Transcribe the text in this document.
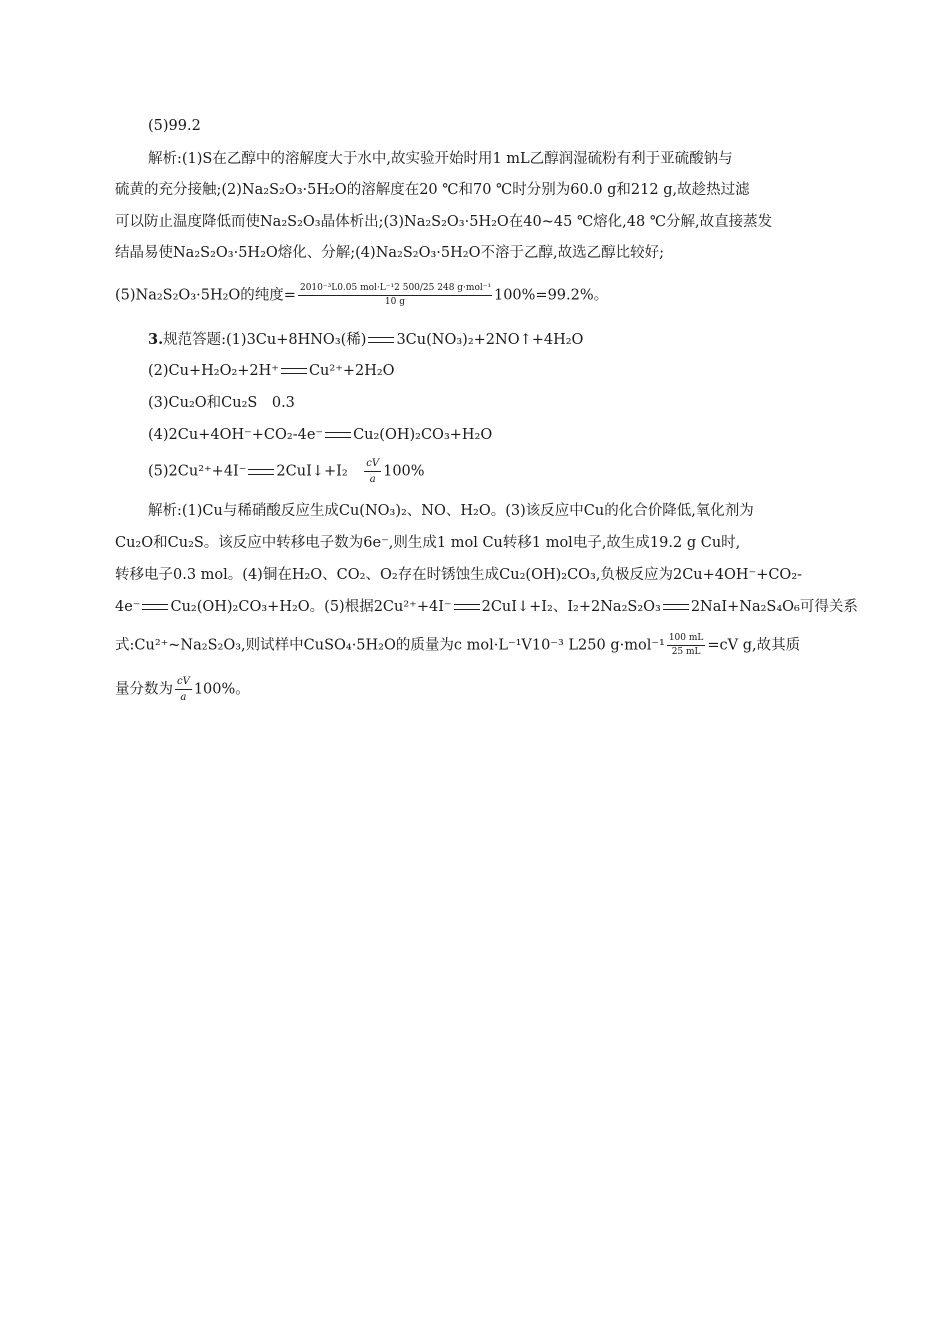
(5)99.2
解析:(1)S在乙醇中的溶解度大于水中,故实验开始时用1 mL乙醇润湿硫粉有利于亚硫酸钠与
硫黄的充分接触;(2)Na₂S₂O₃·5H₂O的溶解度在20 ℃和70 ℃时分别为60.0 g和212 g,故趁热过滤
可以防止温度降低而使Na₂S₂O₃晶体析出;(3)Na₂S₂O₃·5H₂O在40~45 ℃熔化,48 ℃分解,故直接蒸发
结晶易使Na₂S₂O₃·5H₂O熔化、分解;(4)Na₂S₂O₃·5H₂O不溶于乙醇,故选乙醇比较好;
(5)Na₂S₂O₃·5H₂O的纯度= $\frac{\text{2010⁻³L0.05 mol·L⁻¹2 500/25 248 g·mol⁻¹}}{10 g} 100\%=99.2\%$。
3.规范答题:(1)3Cu+8HNO₃(稀) 3Cu(NO₃)₂+2NO↑+4H₂O
(2)Cu+H₂O₂+2H⁺ Cu²⁺+2H₂O
(3)Cu₂O和Cu₂S　0.3
(4)2Cu+4OH⁻+CO₂-4e⁻ Cu₂(OH)₂CO₃+H₂O
(5)2Cu²⁺+4I⁻ 2CuI↓+I₂ $\frac{cV}{a} 100\%$
解析:(1)Cu与稀硝酸反应生成Cu(NO₃)₂、NO、H₂O。(3)该反应中Cu的化合价降低,氧化剂为
Cu₂O和Cu₂S。该反应中转移电子数为6e⁻,则生成1 mol Cu转移1 mol电子,故生成19.2 g Cu时,
转移电子0.3 mol。(4)铜在H₂O、CO₂、O₂存在时锈蚀生成Cu₂(OH)₂CO₃,负极反应为2Cu+4OH⁻+CO₂-
4e⁻ Cu₂(OH)₂CO₃+H₂O。(5)根据2Cu²⁺+4I⁻ 2CuI↓+I₂、I₂+2Na₂S₂O₃ 2NaI+Na₂S₄O₆可得关系
式:Cu²⁺~Na₂S₂O₃,则试样中CuSO₄·5H₂O的质量为c mol·L⁻¹V10⁻³ L250 $g\cdot mol^{-1} \frac{100 mL}{25 mL} =cV$ g,故其质
量分数为 $\frac{cV}{a} 100\%$。
